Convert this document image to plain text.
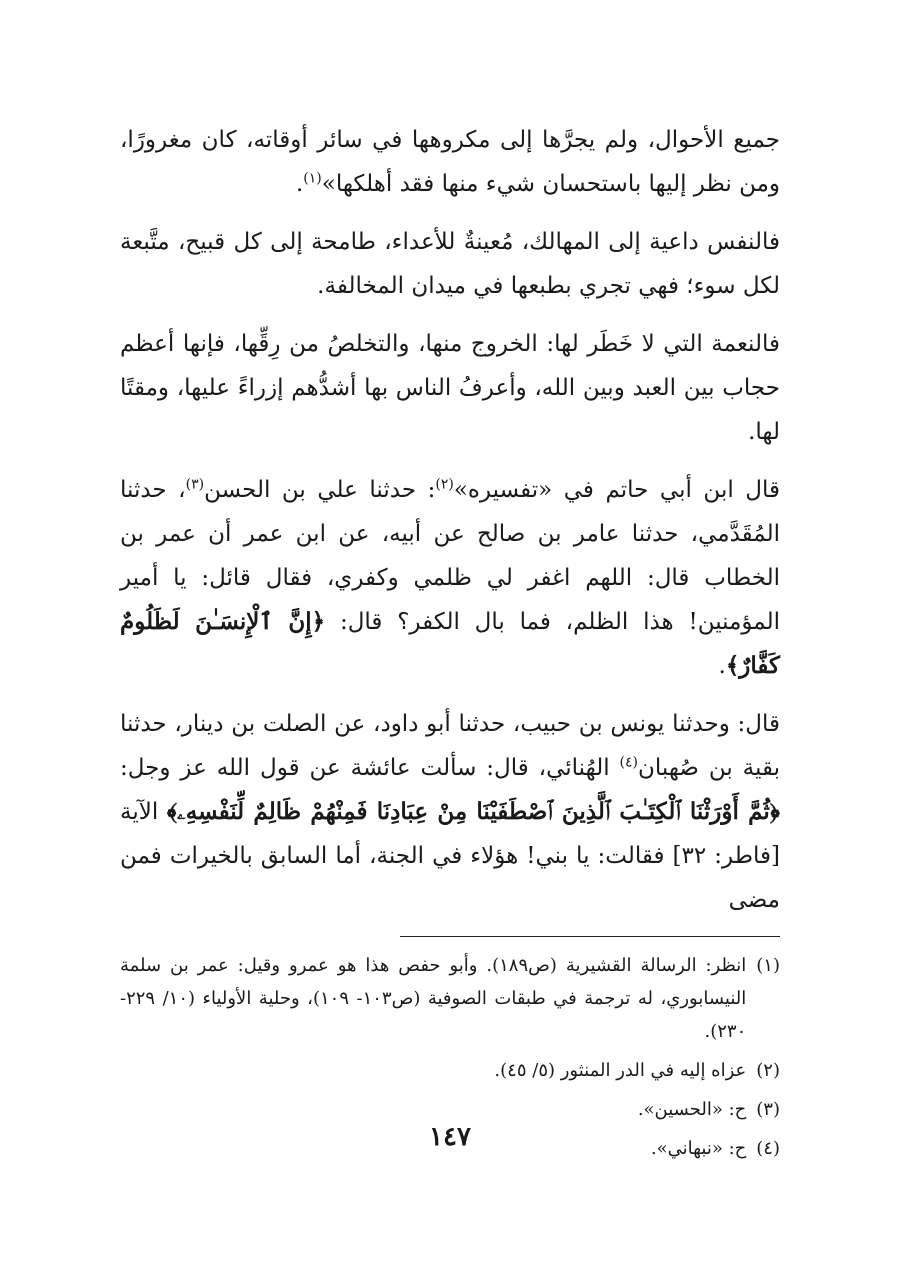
جميع الأحوال، ولم يجرَّها إلى مكروهها في سائر أوقاته، كان مغرورًا، ومن نظر إليها باستحسان شيء منها فقد أهلكها»$^{(١)}$.

فالنفس داعية إلى المهالك، مُعينةٌ للأعداء، طامحة إلى كل قبيح، متَّبعة لكل سوء؛ فهي تجري بطبعها في ميدان المخالفة.

فالنعمة التي لا خَطَر لها: الخروج منها، والتخلصُ من رِقِّها، فإنها أعظم حجاب بين العبد وبين الله، وأعرفُ الناس بها أشدُّهم إزراءً عليها، ومقتًا لها.

قال ابن أبي حاتم في «تفسيره»$^{(٢)}$: حدثنا علي بن الحسن$^{(٣)}$، حدثنا المُقَدَّمي، حدثنا عامر بن صالح عن أبيه، عن ابن عمر أن عمر بن الخطاب قال: اللهم اغفر لي ظلمي وكفري، فقال قائل: يا أمير المؤمنين! هذا الظلم، فما بال الكفر؟ قال: ﴿إِنَّ ٱلْإِنسَـٰنَ لَظَلُومٌ كَفَّارٌ﴾.

قال: وحدثنا يونس بن حبيب، حدثنا أبو داود، عن الصلت بن دينار، حدثنا بقية بن صُهبان$^{(٤)}$ الهُنائي، قال: سألت عائشة عن قول الله عز وجل: ﴿ثُمَّ أَوْرَثْنَا ٱلْكِتَـٰبَ ٱلَّذِينَ ٱصْطَفَيْنَا مِنْ عِبَادِنَا فَمِنْهُمْ ظَالِمٌ لِّنَفْسِهِۦ﴾ الآية [فاطر: ٣٢] فقالت: يا بني! هؤلاء في الجنة، أما السابق بالخيرات فمن مضى

(١)
انظر: الرسالة القشيرية (ص١٨٩). وأبو حفص هذا هو عمرو وقيل: عمر بن سلمة النيسابوري، له ترجمة في طبقات الصوفية (ص١٠٣- ١٠٩)، وحلية الأولياء (١٠/ ٢٢٩- ٢٣٠).
(٢)
عزاه إليه في الدر المنثور (٥/ ٤٥).
(٣)
ح: «الحسين».
(٤)
ح: «نبهاني».
١٤٧
